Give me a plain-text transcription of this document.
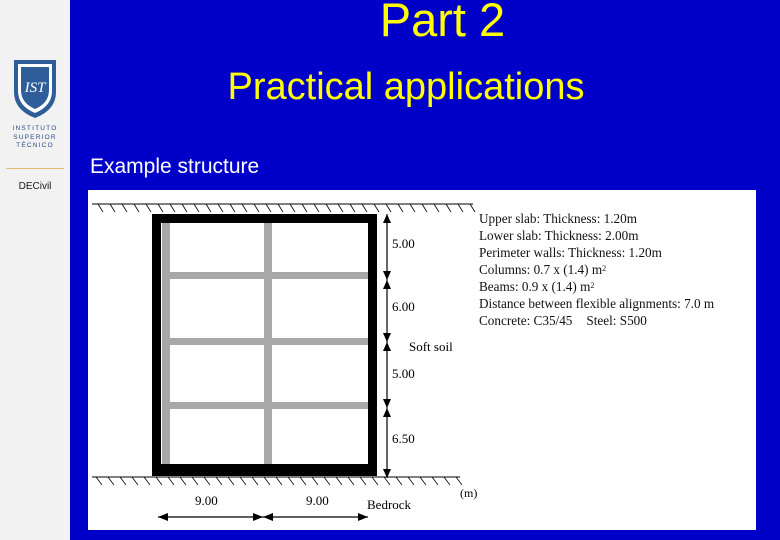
IST
INSTITUTO
SUPERIOR
TÉCNICO
DECivil
Part 2
Practical applications
Example structure
5.00
6.00
5.00
6.50
Soft soil
9.00	9.00	Bedrock
(m)
Upper slab: Thickness: 1.20m
Lower slab: Thickness: 2.00m
Perimeter walls: Thickness: 1.20m
Columns: 0.7 x (1.4) $m^2$
Beams: 0.9 x (1.4) $m^2$
Distance between flexible alignments: 7.0 m
Concrete: C35/45 Steel: S500
